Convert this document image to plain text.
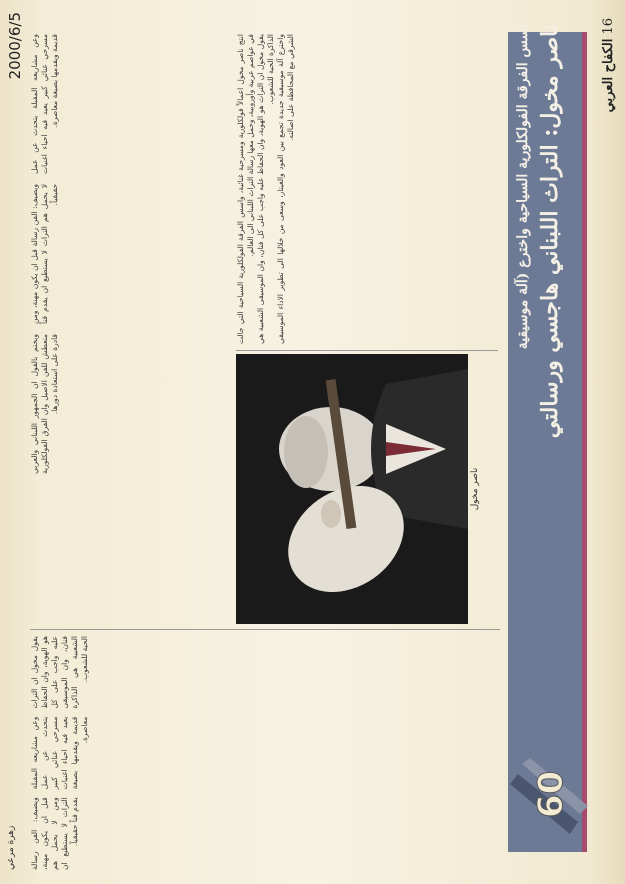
16 الكفاح العربي
اسس الفرقة الفولكلورية السياحية واخترع (آلة موسيقية ناصر مخول: التراث اللبناني هاجسي ورسالتي
60
ناصر مخول

انتج ناصر مخول اعمالاً فولكلورية ومسرحية غنائية، واسس الفرقة الفولكلورية السياحية التي جالت في عواصم عربية وأوروبية، وحمل معها رسالة التراث اللبناني الى العالم. يقول مخول ان التراث هو الهوية، وان الحفاظ عليه واجب على كل فنان، وان الموسيقى الشعبية هي الذاكرة الحية للشعوب. واخترع آلة موسيقية جديدة تجمع بين العود والغيتار، وسعى من خلالها الى تطوير الاداء الموسيقي الشرقي مع المحافظة على اصالته.

وعن مشاريعه المقبلة يتحدث عن عمل مسرحي غنائي كبير يعيد فيه احياء اغنيات قديمة ويقدمها بصيغة معاصرة.

ويضيف: الفن رسالة قبل ان يكون مهنة، ومن لا يحمل هم التراث لا يستطيع ان يقدم فناً حقيقياً.

ويختم بالقول ان الجمهور اللبناني والعربي متعطش للفن الاصيل وان الفرق الفولكلورية قادرة على استعادة دورها.

يقول مخول ان التراث هو الهوية، وان الحفاظ عليه واجب على كل فنان، وان الموسيقى الشعبية هي الذاكرة الحية للشعوب.

وعن مشاريعه المقبلة يتحدث عن عمل مسرحي غنائي كبير يعيد فيه احياء اغنيات قديمة ويقدمها بصيغة معاصرة.

ويضيف: الفن رسالة قبل ان يكون مهنة، ومن لا يحمل هم التراث لا يستطيع ان يقدم فناً حقيقياً.

زهرة مرعي
2000/6/5
